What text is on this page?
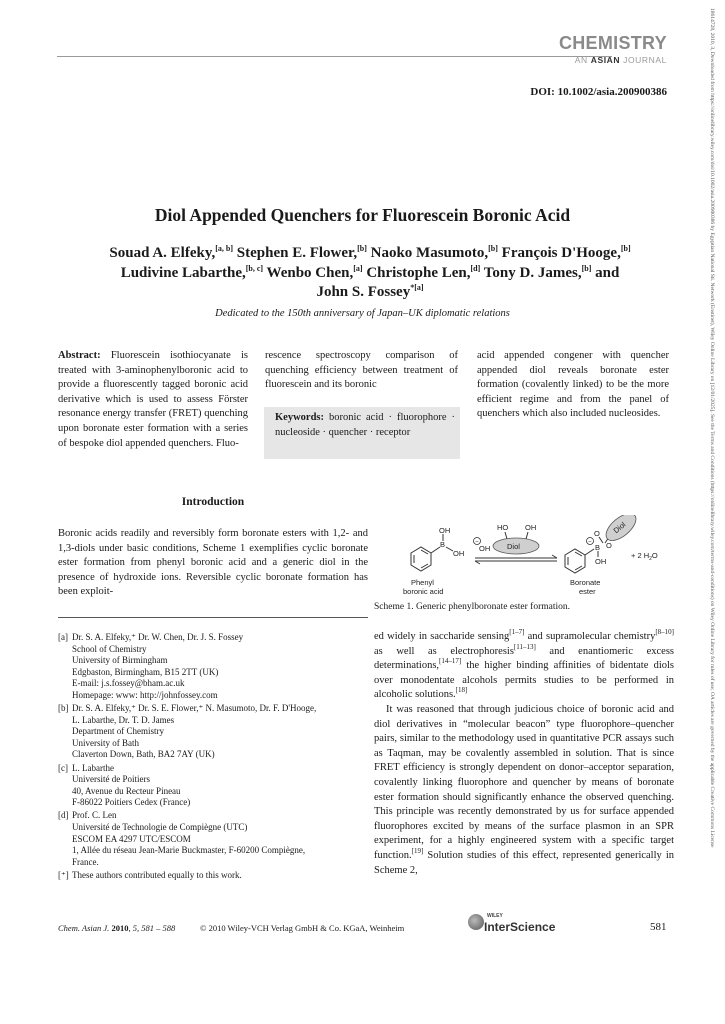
CHEMISTRY
AN ASIAN JOURNAL
DOI: 10.1002/asia.200900386
Diol Appended Quenchers for Fluorescein Boronic Acid
Souad A. Elfeky,[a, b] Stephen E. Flower,[b] Naoko Masumoto,[b] François D'Hooge,[b]
Ludivine Labarthe,[b, c] Wenbo Chen,[a] Christophe Len,[d] Tony D. James,[b] and
John S. Fossey$^{*[a]}$
Dedicated to the 150th anniversary of Japan–UK diplomatic relations
Abstract: Fluorescein isothiocyanate is treated with 3-aminophenylboronic acid to provide a fluorescently tagged boronic acid derivative which is used to assess Förster resonance energy transfer (FRET) quenching upon boronate ester formation with a series of bespoke diol appended quenchers. Fluo-
rescence spectroscopy comparison of quenching efficiency between treatment of fluorescein and its boronic
Keywords: boronic acid · fluorophore · nucleoside · quencher · receptor
acid appended congener with quencher appended diol reveals boronate ester formation (covalently linked) to be the more efficient regime and from the panel of quenchers which also included nucleosides.
Introduction
Boronic acids readily and reversibly form boronate esters with 1,2- and 1,3-diols under basic conditions, Scheme 1 exemplifies cyclic boronate ester formation from phenyl boronic acid and a generic diol in the presence of hydroxide ions. Reversible cyclic boronate formation has been exploit-
OH
B
OH
Phenyl
boronic acid
−
OH
HO OH
Diol
Diol
O
O
−
B
OH
+ 2 $H_2O$
Boronate
ester
Scheme 1. Generic phenylboronate ester formation.

ed widely in saccharide sensing[1–7] and supramolecular chemistry[8–10] as well as electrophoresis[11–13] and enantiomeric excess determinations,[14–17] the higher binding affinities of bidentate diols over monodentate alcohols permits studies to be performed in alcoholic solutions.[18]

It was reasoned that through judicious choice of boronic acid and diol derivatives in “molecular beacon” type fluorophore–quencher pairs, similar to the methodology used in quantitative PCR assays such as Taqman, may be covalently assembled in solution. That is since FRET efficiency is strongly dependent on donor–acceptor separation, covalently linking fluorophore and quencher by means of boronate ester formation should significantly enhance the observed quenching. This principle was recently demonstrated by us for surface appended fluorophores excited by means of the surface plasmon in an SPR experiment, for a highly engineered system with a specific target function.[19] Solution studies of this effect, represented generically in Scheme 2,

[a] Dr. S. A. Elfeky,⁺ Dr. W. Chen, Dr. J. S. Fossey
School of Chemistry
University of Birmingham
Edgbaston, Birmingham, B15 2TT (UK)
E-mail: j.s.fossey@bham.ac.uk
Homepage: www: http://johnfossey.com
[b] Dr. S. A. Elfeky,⁺ Dr. S. E. Flower,⁺ N. Masumoto, Dr. F. D'Hooge,
L. Labarthe, Dr. T. D. James
Department of Chemistry
University of Bath
Claverton Down, Bath, BA2 7AY (UK)
[c] L. Labarthe
Université de Poitiers
40, Avenue du Recteur Pineau
F-86022 Poitiers Cedex (France)
[d] Prof. C. Len
Université de Technologie de Compiègne (UTC)
ESCOM EA 4297 UTC/ESCOM
1, Allée du réseau Jean-Marie Buckmaster, F-60200 Compiègne,
France.
[⁺] These authors contributed equally to this work.
Chem. Asian J. 2010, 5, 581 – 588	© 2010 Wiley-VCH Verlag GmbH & Co. KGaA, Weinheim
WILEY
InterScience	581
18614728, 2010, 3, Downloaded from https://onlinelibrary.wiley.com/doi/10.1002/asia.200900386 by Egyptian National Sti. Network (Enstinet), Wiley Online Library on [12/01/2025]. See the Terms and Conditions (https://onlinelibrary.wiley.com/terms-and-conditions) on Wiley Online Library for rules of use; OA articles are governed by the applicable Creative Commons License
